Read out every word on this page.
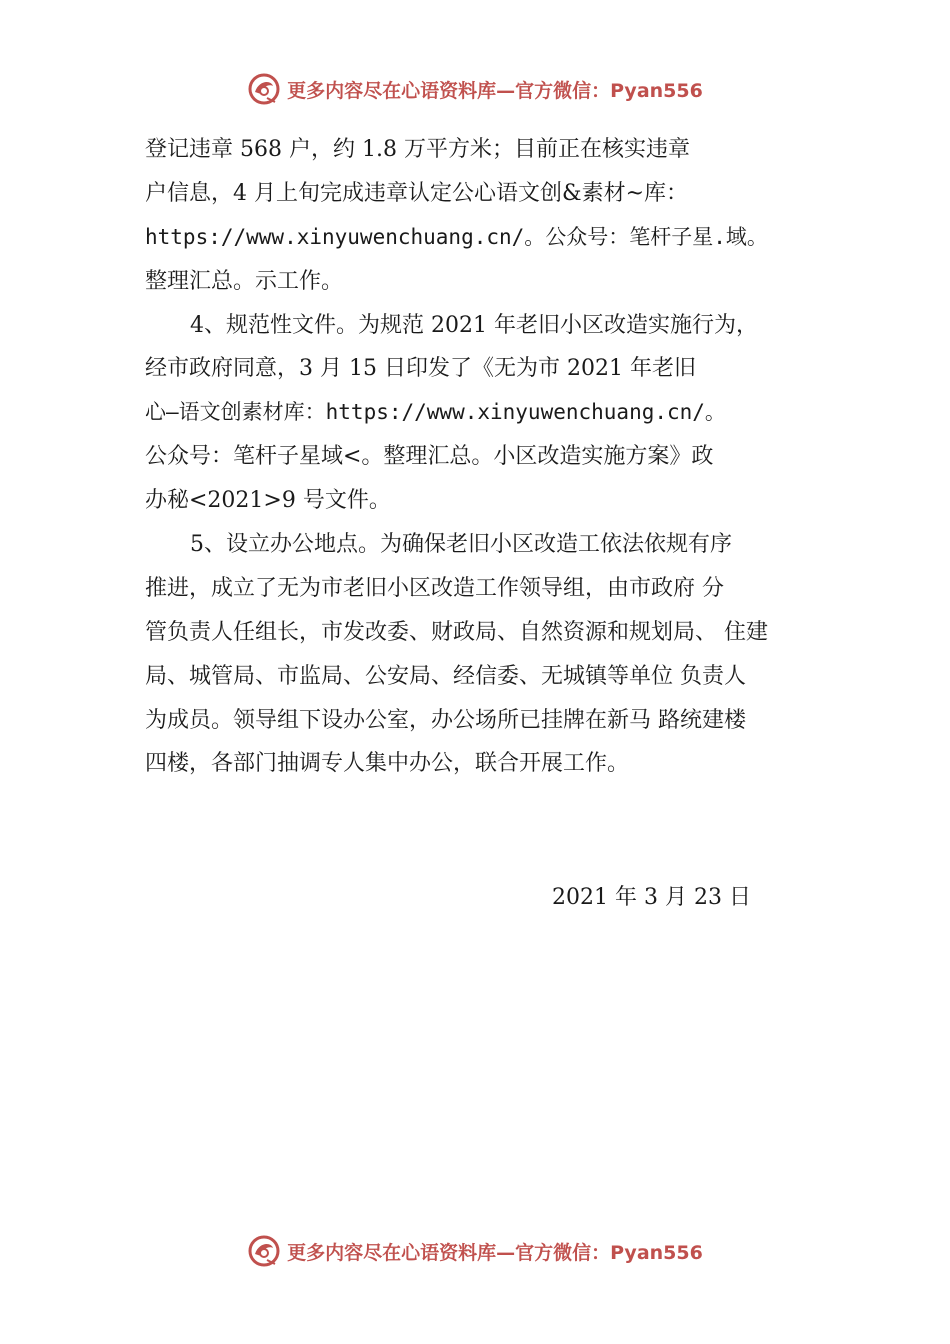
更多内容尽在心语资料库—官方微信：Pyan556
登记违章 568 户，约 1.8 万平方米；目前正在核实违章
户信息，4 月上旬完成违章认定公心语文创&素材~库：
https://www.xinyuwenchuang.cn/。公众号：笔杆子星.域。
整理汇总。示工作。
4、规范性文件。为规范 2021 年老旧小区改造实施行为，
经市政府同意，3 月 15 日印发了《无为市 2021 年老旧
心—语文创素材库：https://www.xinyuwenchuang.cn/。
公众号：笔杆子星域<。整理汇总。小区改造实施方案》政
办秘<2021>9 号文件。
5、设立办公地点。为确保老旧小区改造工依法依规有序
推进，成立了无为市老旧小区改造工作领导组，由市政府 分
管负责人任组长，市发改委、财政局、自然资源和规划局、 住建
局、城管局、市监局、公安局、经信委、无城镇等单位 负责人
为成员。领导组下设办公室，办公场所已挂牌在新马 路统建楼
四楼，各部门抽调专人集中办公，联合开展工作。
2021 年 3 月 23 日
更多内容尽在心语资料库—官方微信：Pyan556
